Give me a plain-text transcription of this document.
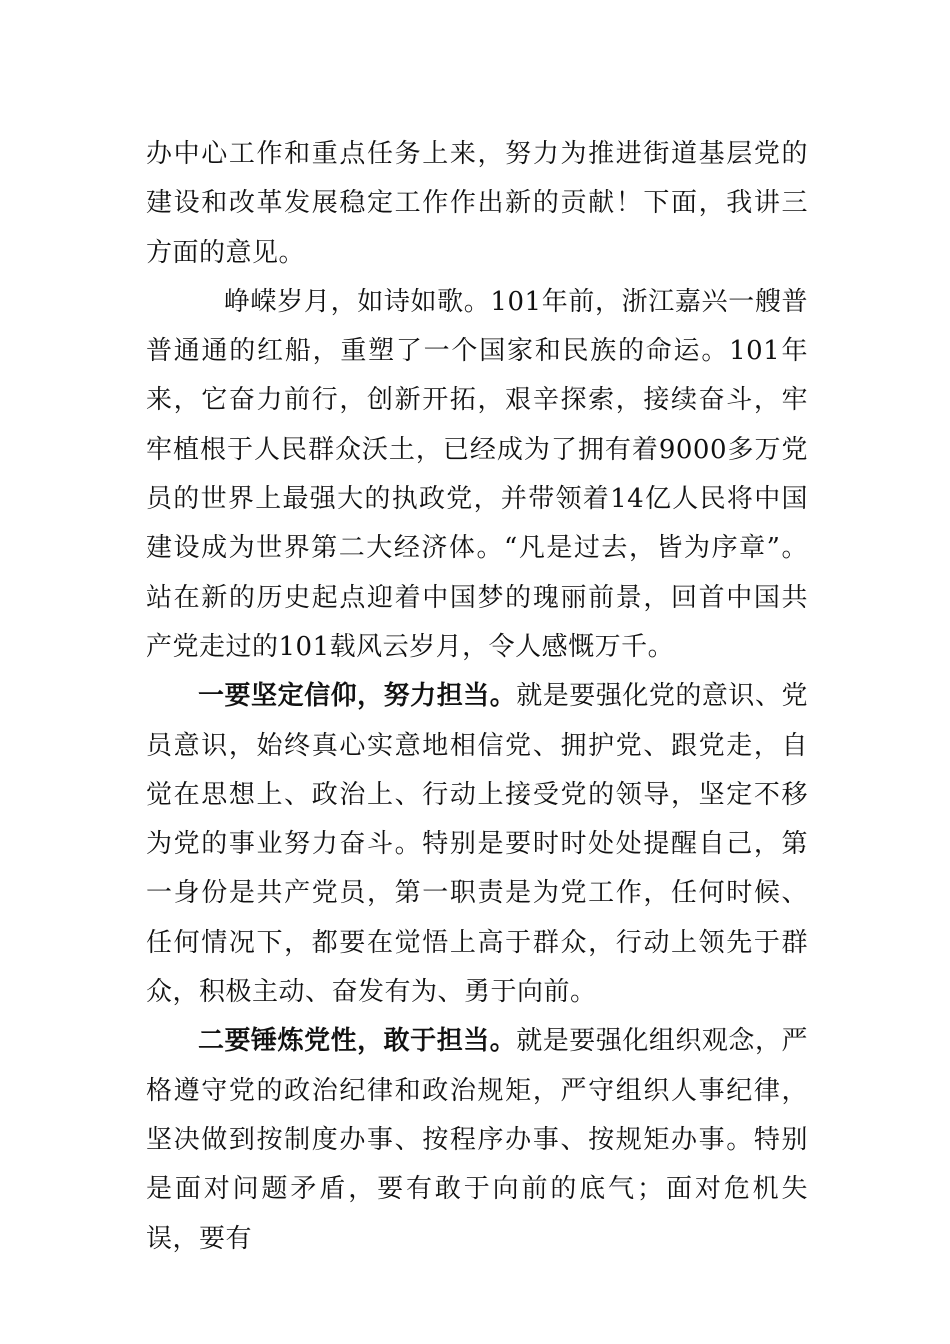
办中心工作和重点任务上来，努力为推进街道基层党的建设和改革发展稳定工作作出新的贡献！下面，我讲三方面的意见。

峥嵘岁月，如诗如歌。101年前，浙江嘉兴一艘普普通通的红船，重塑了一个国家和民族的命运。101年来，它奋力前行，创新开拓，艰辛探索，接续奋斗，牢牢植根于人民群众沃土，已经成为了拥有着9000多万党员的世界上最强大的执政党，并带领着14亿人民将中国建设成为世界第二大经济体。“凡是过去，皆为序章”。站在新的历史起点迎着中国梦的瑰丽前景，回首中国共产党走过的101载风云岁月，令人感慨万千。

一要坚定信仰，努力担当。就是要强化党的意识、党员意识，始终真心实意地相信党、拥护党、跟党走，自觉在思想上、政治上、行动上接受党的领导，坚定不移为党的事业努力奋斗。特别是要时时处处提醒自己，第一身份是共产党员，第一职责是为党工作，任何时候、任何情况下，都要在觉悟上高于群众，行动上领先于群众，积极主动、奋发有为、勇于向前。

二要锤炼党性，敢于担当。就是要强化组织观念，严格遵守党的政治纪律和政治规矩，严守组织人事纪律，坚决做到按制度办事、按程序办事、按规矩办事。特别是面对问题矛盾，要有敢于向前的底气；面对危机失误，要有
